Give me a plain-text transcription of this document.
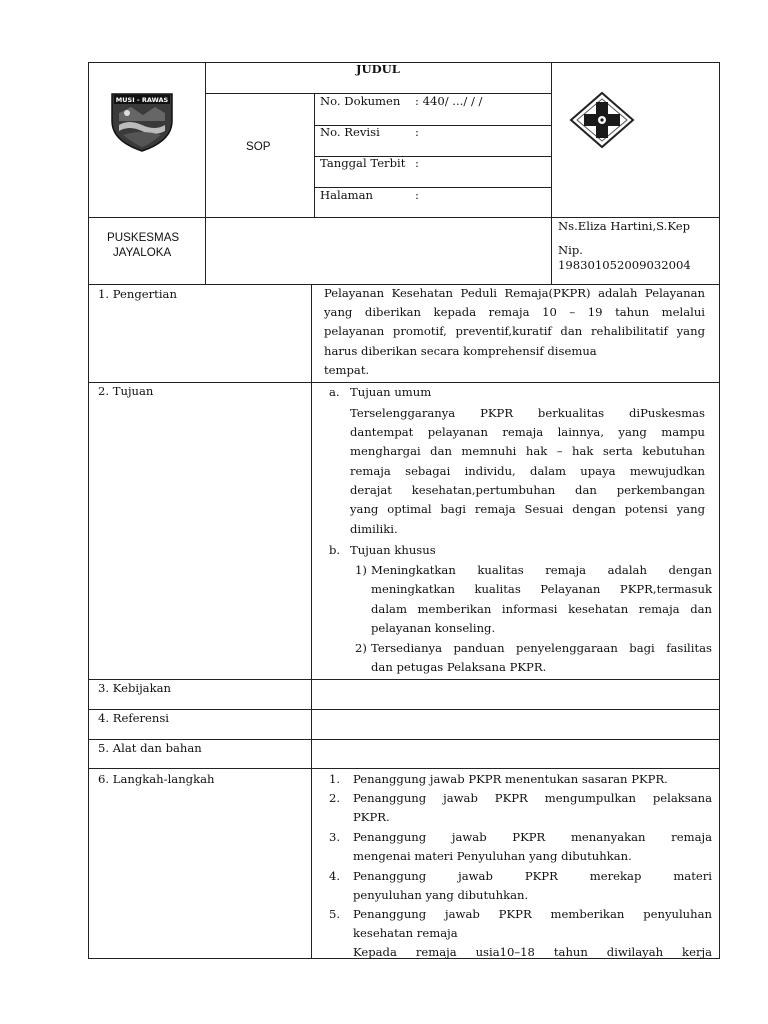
MUSI - RAWAS
JUDUL
SOP
No. Dokumen : 440/ .../ / /
No. Revisi	:
Tanggal Terbit :
Halaman	:
PUSKESMAS
JAYALOKA
Ns.Eliza Hartini,S.Kep
Nip.
198301052009032004
1. Pengertian	Pelayanan Kesehatan Peduli Remaja(PKPR) adalah Pelayanan
yang diberikan kepada remaja 10 – 19 tahun melalui
pelayanan promotif, preventif,kuratif dan rehalibilitatif yang
harus diberikan secara komprehensif disemua
tempat.
2. Tujuan	a. Tujuan umum
Terselenggaranya PKPR berkualitas diPuskesmas
dantempat pelayanan remaja lainnya, yang mampu
menghargai dan memnuhi hak – hak serta kebutuhan
remaja sebagai individu, dalam upaya mewujudkan
derajat kesehatan,pertumbuhan dan perkembangan
yang optimal bagi remaja Sesuai dengan potensi yang
dimiliki.
b. Tujuan khusus
1) Meningkatkan kualitas remaja adalah dengan
meningkatkan kualitas Pelayanan PKPR,termasuk
dalam memberikan informasi kesehatan remaja dan
pelayanan konseling.
2) Tersedianya panduan penyelenggaraan bagi fasilitas
dan petugas Pelaksana PKPR.
3. Kebijakan
4. Referensi
5. Alat dan bahan
6. Langkah-langkah	1. Penanggung jawab PKPR menentukan sasaran PKPR.
2. Penanggung jawab PKPR mengumpulkan pelaksana
PKPR.
3. Penanggung jawab PKPR menanyakan remaja
mengenai materi Penyuluhan yang dibutuhkan.
4. Penanggung jawab PKPR merekap materi
penyuluhan yang dibutuhkan.
5. Penanggung jawab PKPR memberikan penyuluhan
kesehatan remaja
Kepada remaja usia10–18 tahun diwilayah kerja
